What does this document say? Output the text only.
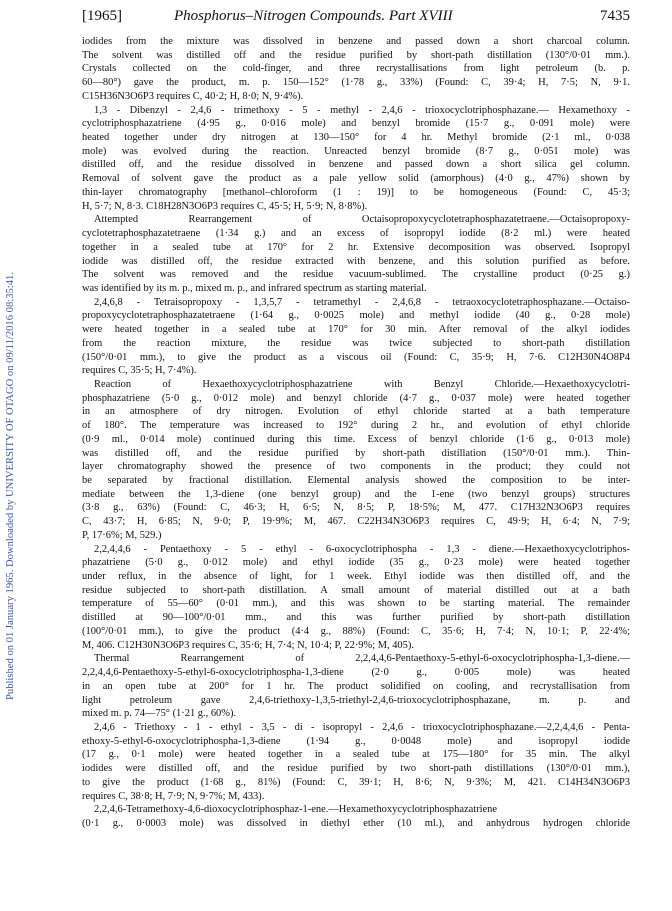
[1965]	Phosphorus–Nitrogen Compounds. Part XVIII	7435
Published on 01 January 1965. Downloaded by UNIVERSITY OF OTAGO on 09/11/2016 08:35:41.
iodides from the mixture was dissolved in benzene and passed down a short charcoal column.
The solvent was distilled off and the residue purified by short-path distillation (130°/0·01 mm.).
Crystals collected on the cold-finger, and three recrystallisations from light petroleum (b. p.
60—80°) gave the product, m. p. 150—152° (1·78 g., 33%) (Found: C, 39·4; H, 7·5; N, 9·1.
C15H36N3O6P3 requires C, 40·2; H, 8·0; N, 9·4%).
1,3 - Dibenzyl - 2,4,6 - trimethoxy - 5 - methyl - 2,4,6 - trioxocyclotriphosphazane.— Hexamethoxy -
cyclotriphosphazatriene (4·95 g., 0·016 mole) and benzyl bromide (15·7 g., 0·091 mole) were
heated together under dry nitrogen at 130—150° for 4 hr. Methyl bromide (2·1 ml., 0·038
mole) was evolved during the reaction. Unreacted benzyl bromide (8·7 g., 0·051 mole) was
distilled off, and the residue dissolved in benzene and passed down a short silica gel column.
Removal of solvent gave the product as a pale yellow solid (amorphous) (4·0 g., 47%) shown by
thin-layer chromatography [methanol–chloroform (1 : 19)] to be homogeneous (Found: C, 45·3;
H, 5·7; N, 8·3. C18H28N3O6P3 requires C, 45·5; H, 5·9; N, 8·8%).
Attempted Rearrangement of Octaisopropoxycyclotetraphosphazatetraene.—Octaisopropoxy-
cyclotetraphosphazatetraene (1·34 g.) and an excess of isopropyl iodide (8·2 ml.) were heated
together in a sealed tube at 170° for 2 hr. Extensive decomposition was observed. Isopropyl
iodide was distilled off, the residue extracted with benzene, and this solution purified as before.
The solvent was removed and the residue vacuum-sublimed. The crystalline product (0·25 g.)
was identified by its m. p., mixed m. p., and infrared spectrum as starting material.
2,4,6,8 - Tetraisopropoxy - 1,3,5,7 - tetramethyl - 2,4,6,8 - tetraoxocyclotetraphosphazane.—Octaiso-
propoxycyclotetraphosphazatetraene (1·64 g., 0·0025 mole) and methyl iodide (40 g., 0·28 mole)
were heated together in a sealed tube at 170° for 30 min. After removal of the alkyl iodides
from the reaction mixture, the residue was twice subjected to short-path distillation
(150°/0·01 mm.), to give the product as a viscous oil (Found: C, 35·9; H, 7·6. C12H30N4O8P4
requires C, 35·5; H, 7·4%).
Reaction of Hexaethoxycyclotriphosphazatriene with Benzyl Chloride.—Hexaethoxycyclotri-
phosphazatriene (5·0 g., 0·012 mole) and benzyl chloride (4·7 g., 0·037 mole) were heated together
in an atmosphere of dry nitrogen. Evolution of ethyl chloride started at a bath temperature
of 180°. The temperature was increased to 192° during 2 hr., and evolution of ethyl chloride
(0·9 ml., 0·014 mole) continued during this time. Excess of benzyl chloride (1·6 g., 0·013 mole)
was distilled off, and the residue purified by short-path distillation (150°/0·01 mm.). Thin-
layer chromatography showed the presence of two components in the product; they could not
be separated by fractional distillation. Elemental analysis showed the composition to be inter-
mediate between the 1,3-diene (one benzyl group) and the 1-ene (two benzyl groups) structures
(3·8 g., 63%) (Found: C, 46·3; H, 6·5; N, 8·5; P, 18·5%; M, 477. C17H32N3O6P3 requires
C, 43·7; H, 6·85; N, 9·0; P, 19·9%; M, 467. C22H34N3O6P3 requires C, 49·9; H, 6·4; N, 7·9;
P, 17·6%; M, 529.)
2,2,4,4,6 - Pentaethoxy - 5 - ethyl - 6-oxocyclotriphospha - 1,3 - diene.—Hexaethoxycyclotriphos-
phazatriene (5·0 g., 0·012 mole) and ethyl iodide (35 g., 0·23 mole) were heated together
under reflux, in the absence of light, for 1 week. Ethyl iodide was then distilled off, and the
residue subjected to short-path distillation. A small amount of material distilled out at a bath
temperature of 55—60° (0·01 mm.), and this was shown to be starting material. The remainder
distilled at 90—100°/0·01 mm., and this was further purified by short-path distillation
(100°/0·01 mm.), to give the product (4·4 g., 88%) (Found: C, 35·6; H, 7·4; N, 10·1; P, 22·4%;
M, 406. C12H30N3O6P3 requires C, 35·6; H, 7·4; N, 10·4; P, 22·9%; M, 405).
Thermal Rearrangement of 2,2,4,4,6-Pentaethoxy-5-ethyl-6-oxocyclotriphospha-1,3-diene.—
2,2,4,4,6-Pentaethoxy-5-ethyl-6-oxocyclotriphospha-1,3-diene (2·0 g., 0·005 mole) was heated
in an open tube at 200° for 1 hr. The product solidified on cooling, and recrystallisation from
light petroleum gave 2,4,6-triethoxy-1,3,5-triethyl-2,4,6-trioxocyclotriphosphazane, m. p. and
mixed m. p. 74—75° (1·21 g., 60%).
2,4,6 - Triethoxy - 1 - ethyl - 3,5 - di - isopropyl - 2,4,6 - trioxocyclotriphosphazane.—2,2,4,4,6 - Penta-
ethoxy-5-ethyl-6-oxocyclotriphospha-1,3-diene (1·94 g., 0·0048 mole) and isopropyl iodide
(17 g., 0·1 mole) were heated together in a sealed tube at 175—180° for 35 min. The alkyl
iodides were distilled off, and the residue purified by two short-path distillations (130°/0·01 mm.),
to give the product (1·68 g., 81%) (Found: C, 39·1; H, 8·6; N, 9·3%; M, 421. C14H34N3O6P3
requires C, 38·8; H, 7·9; N, 9·7%; M, 433).
2,2,4,6-Tetramethoxy-4,6-dioxocyclotriphosphaz-1-ene.—Hexamethoxycyclotriphosphazatriene
(0·1 g., 0·0003 mole) was dissolved in diethyl ether (10 ml.), and anhydrous hydrogen chloride
